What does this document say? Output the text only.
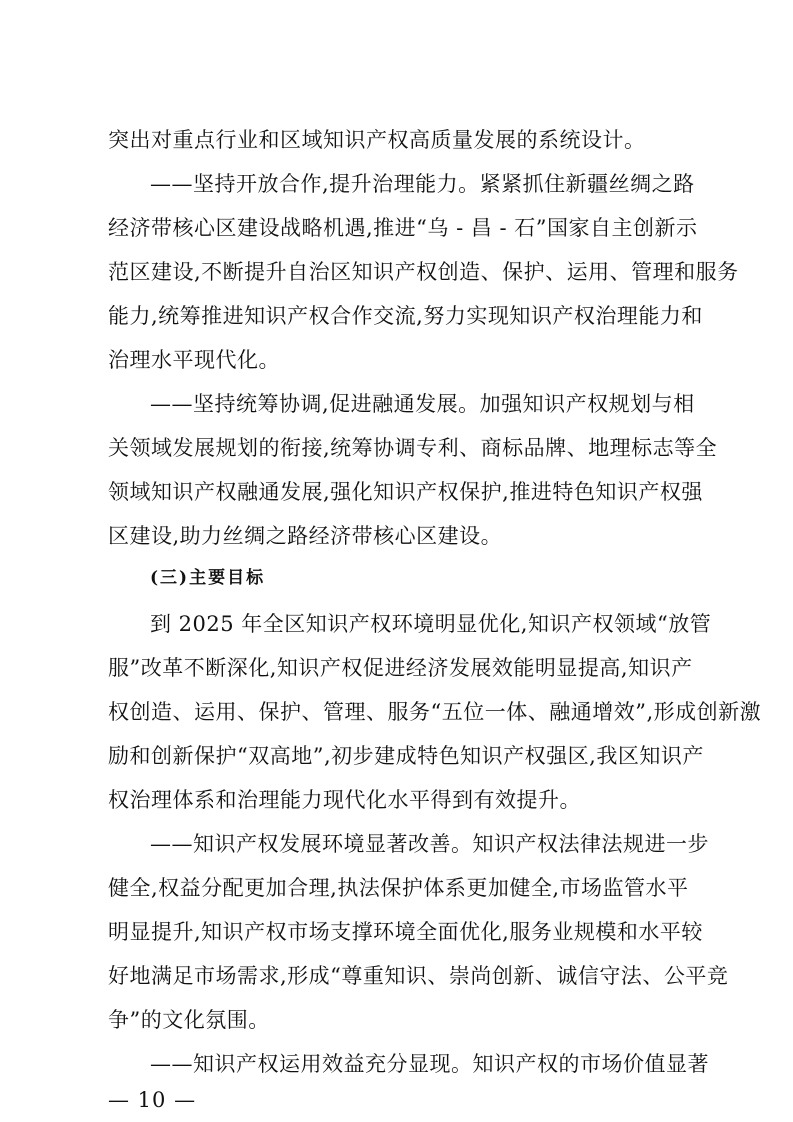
突出对重点行业和区域知识产权高质量发展的系统设计。
——坚持开放合作,提升治理能力。紧紧抓住新疆丝绸之路
经济带核心区建设战略机遇,推进“乌 - 昌 - 石”国家自主创新示
范区建设,不断提升自治区知识产权创造、保护、运用、管理和服务
能力,统筹推进知识产权合作交流,努力实现知识产权治理能力和
治理水平现代化。
——坚持统筹协调,促进融通发展。加强知识产权规划与相
关领域发展规划的衔接,统筹协调专利、商标品牌、地理标志等全
领域知识产权融通发展,强化知识产权保护,推进特色知识产权强
区建设,助力丝绸之路经济带核心区建设。
(三)主要目标
到 2025 年全区知识产权环境明显优化,知识产权领域“放管
服”改革不断深化,知识产权促进经济发展效能明显提高,知识产
权创造、运用、保护、管理、服务“五位一体、融通增效”,形成创新激
励和创新保护“双高地”,初步建成特色知识产权强区,我区知识产
权治理体系和治理能力现代化水平得到有效提升。
——知识产权发展环境显著改善。知识产权法律法规进一步
健全,权益分配更加合理,执法保护体系更加健全,市场监管水平
明显提升,知识产权市场支撑环境全面优化,服务业规模和水平较
好地满足市场需求,形成“尊重知识、崇尚创新、诚信守法、公平竞
争”的文化氛围。
——知识产权运用效益充分显现。知识产权的市场价值显著
— 10 —
